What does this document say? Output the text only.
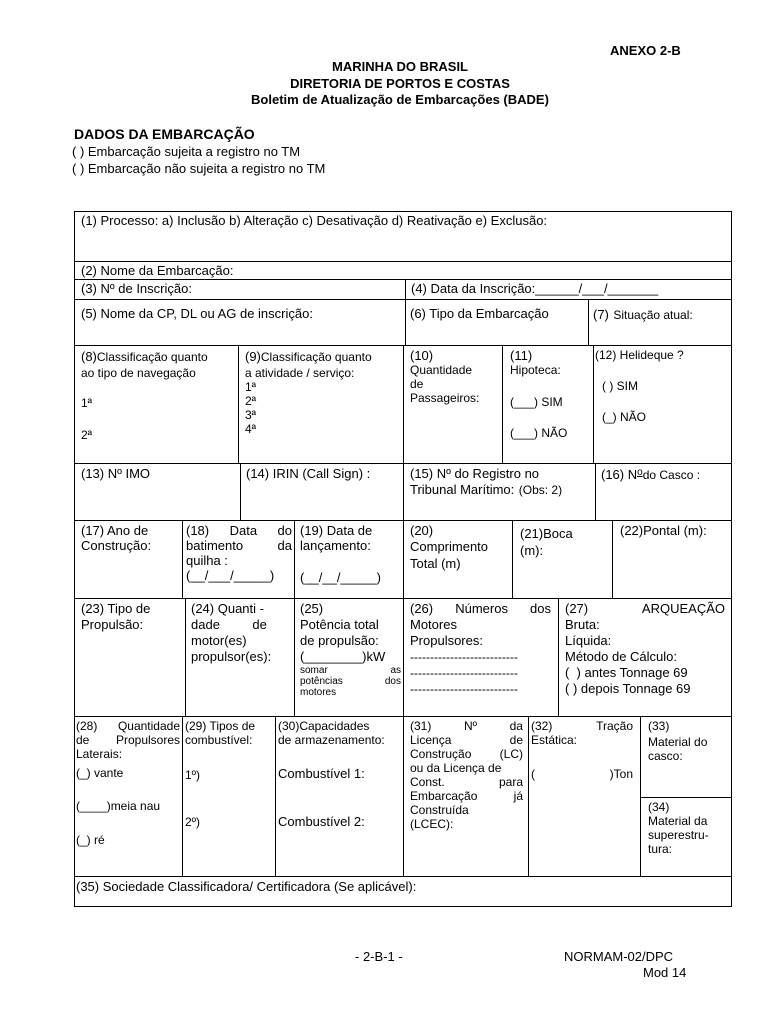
ANEXO 2-B
MARINHA DO BRASIL
DIRETORIA DE PORTOS E COSTAS
Boletim de Atualização de Embarcações (BADE)
DADOS DA EMBARCAÇÃO
( ) Embarcação sujeita a registro no TM
( ) Embarcação não sujeita a registro no TM
(1) Processo: a) Inclusão b) Alteração c) Desativação d) Reativação e) Exclusão:
(2) Nome da Embarcação:
(3) Nº de Inscrição:	(4) Data da Inscrição:______/___/_______
(5) Nome da CP, DL ou AG de inscrição:	(6) Tipo da Embarcação	(7) Situação atual:
(8)Classificação quanto
ao tipo de navegação
1ª
2ª
(9)Classificação quanto
a atividade / serviço:
1ª
2ª
3ª
4ª
(10)
Quantidade
de
Passageiros:
(11)
Hipoteca:
(___) SIM
(___) NÃO
(12) Helideque ?
( ) SIM
(_) NÃO
(13) Nº IMO	(14) IRIN (Call Sign) :	(15) Nº do Registro no
Tribunal Marítimo: (Obs: 2)
(16) $N^odo$ Casco :
(17) Ano de
Construção:
(18) Data do
batimento	da
quilha :
(__/___/_____)
(19) Data de
lançamento:
(__/__/_____)
(20)
Comprimento
Total (m)
(21)Boca
(m):
(22)Pontal (m):
(23) Tipo de
Propulsão:
(24) Quanti -
dade         de
motor(es)
propulsor(es):
(25)
Potência total
de propulsão:
(________)kW
somar	as
potências	dos
motores
(26) Números dos
Motores
Propulsores:
---------------------------
---------------------------
---------------------------
(27)	ARQUEAÇÃO
Bruta:
Líquida:
Método de Cálculo:
(  ) antes Tonnage 69
( ) depois Tonnage 69
(28) Quantidade
de Propulsores
Laterais:
(_) vante
(____)meia nau
(_) ré
(29) Tipos de
combustível:
1º)
2º)
(30)Capacidades
de armazenamento:
Combustível 1:
Combustível 2:
(31)	Nº	da
Licença	de
Construção (LC)
ou da Licença de
Const.	para
Embarcação	já
Construída
(LCEC):
(32)	Tração
Estática:
(	)Ton
(33)
Material do
casco:
(34)
Material da
superestru-
tura:
(35) Sociedade Classificadora/ Certificadora (Se aplicável):
- 2-B-1 -	NORMAM-02/DPC
Mod 14
